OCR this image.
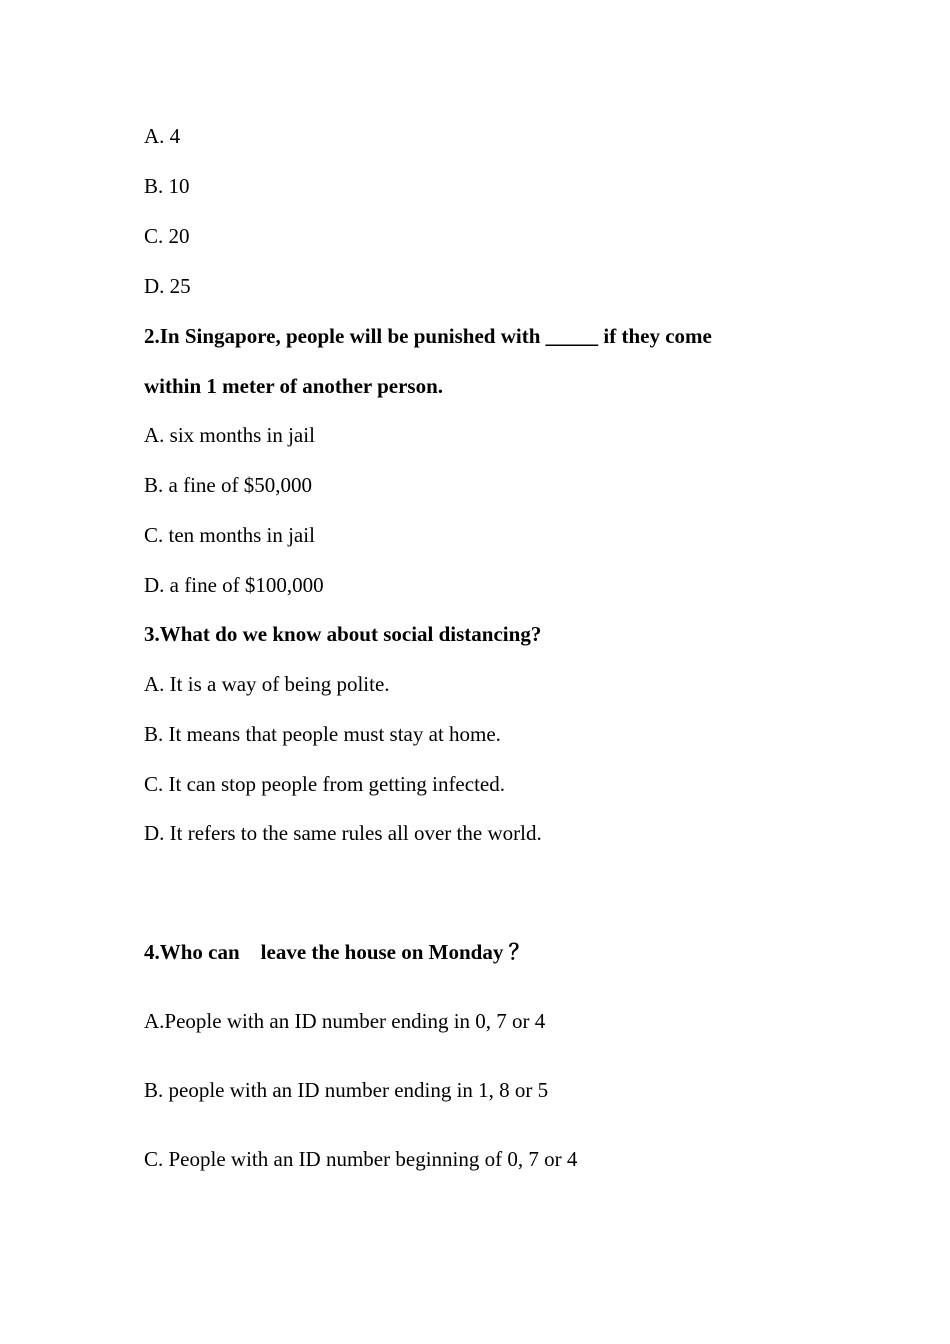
A. 4
B. 10
C. 20
D. 25
2.In Singapore, people will be punished with _____ if they come
within 1 meter of another person.
A. six months in jail
B. a fine of $50,000
C. ten months in jail
D. a fine of $100,000
3.What do we know about social distancing?
A. It is a way of being polite.
B. It means that people must stay at home.
C. It can stop people from getting infected.
D. It refers to the same rules all over the world.
4.Who can    leave the house on Monday ？
A.People with an ID number ending in 0, 7 or 4
B. people with an ID number ending in 1, 8 or 5
C. People with an ID number beginning of 0, 7 or 4
